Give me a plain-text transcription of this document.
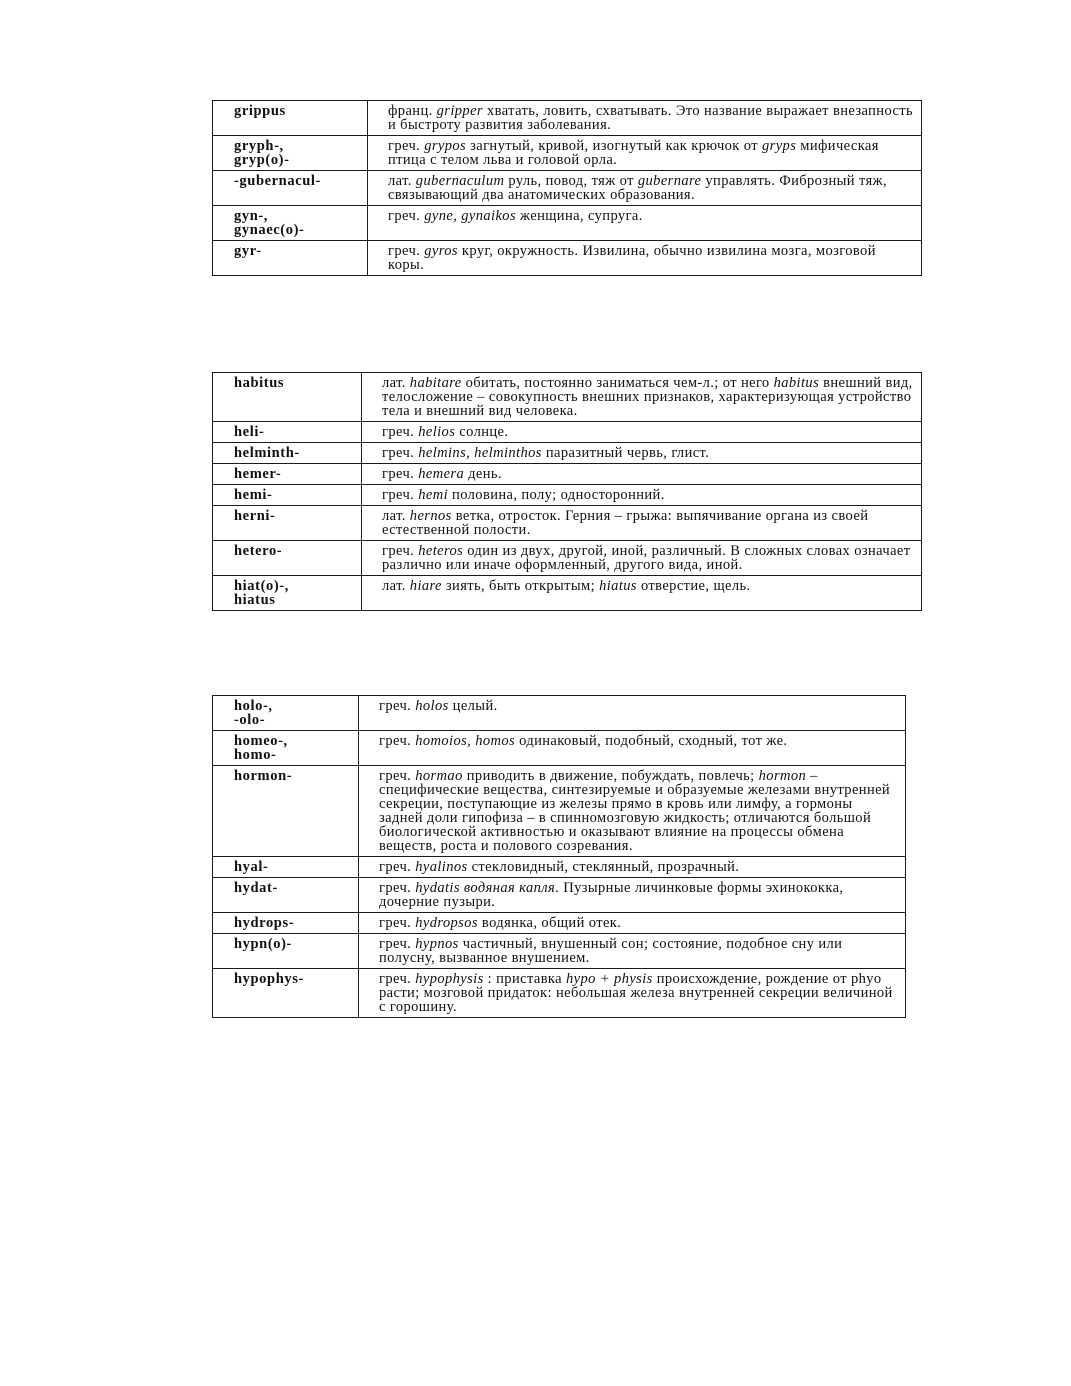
grippus	франц. gripper хватать, ловить, схватывать. Это название выражает внезапность и быстроту развития заболевания.

gryph-,
gryp(o)-	греч. grypos загнутый, кривой, изогнутый как крючок от gryps мифическая птица с телом льва и головой орла.

-gubernacul-	лат. gubernaculum руль, повод, тяж от gubernare управлять. Фиброзный тяж, связывающий два анатомических образования.

gyn-,
gynaec(o)-	греч. gyne, gynaikos женщина, супруга.

gyr-	греч. gyros круг, окружность. Извилина, обычно извилина мозга, мозговой коры.
habitus	лат. habitare обитать, постоянно заниматься чем-л.; от него habitus внешний вид, телосложение – совокупность внешних признаков, характеризующая устройство тела и внешний вид человека.

heli-	греч. helios солнце.

helminth-	греч. helmins, helminthos паразитный червь, глист.

hemer-	греч. hemera день.

hemi-	греч. hemi половина, полу; односторонний.

herni-	лат. hernos ветка, отросток. Герния – грыжа: выпячивание органа из своей естественной полости.

hetero-	греч. heteros один из двух, другой, иной, различный. В сложных словах означает различно или иначе оформленный, другого вида, иной.

hiat(o)-,
hiatus	лат. hiare зиять, быть открытым; hiatus отверстие, щель.
holo-,
-olo-	греч. holos целый.

homeo-,
homo-	греч. homoios, homos одинаковый, подобный, сходный, тот же.

hormon-	греч. hormao приводить в движение, побуждать, повлечь; hormon – специфические вещества, синтезируемые и образуемые железами внутренней секреции, поступающие из железы прямо в кровь или лимфу, а гормоны задней доли гипофиза – в спинномозговую жидкость; отличаются большой биологической активностью и оказывают влияние на процессы обмена веществ, роста и полового созревания.

hyal-	греч. hyalinos стекловидный, стеклянный, прозрачный.

hydat-	греч. hydatis водяная капля. Пузырные личинковые формы эхинококка, дочерние пузыри.

hydrops-	греч. hydropsos водянка, общий отек.

hypn(o)-	греч. hypnos частичный, внушенный сон; состояние, подобное сну или полусну, вызванное внушением.

hypophys-	греч. hypophysis : приставка hypo + physis происхождение, рождение от phyo расти; мозговой придаток: небольшая железа внутренней секреции величиной с горошину.
